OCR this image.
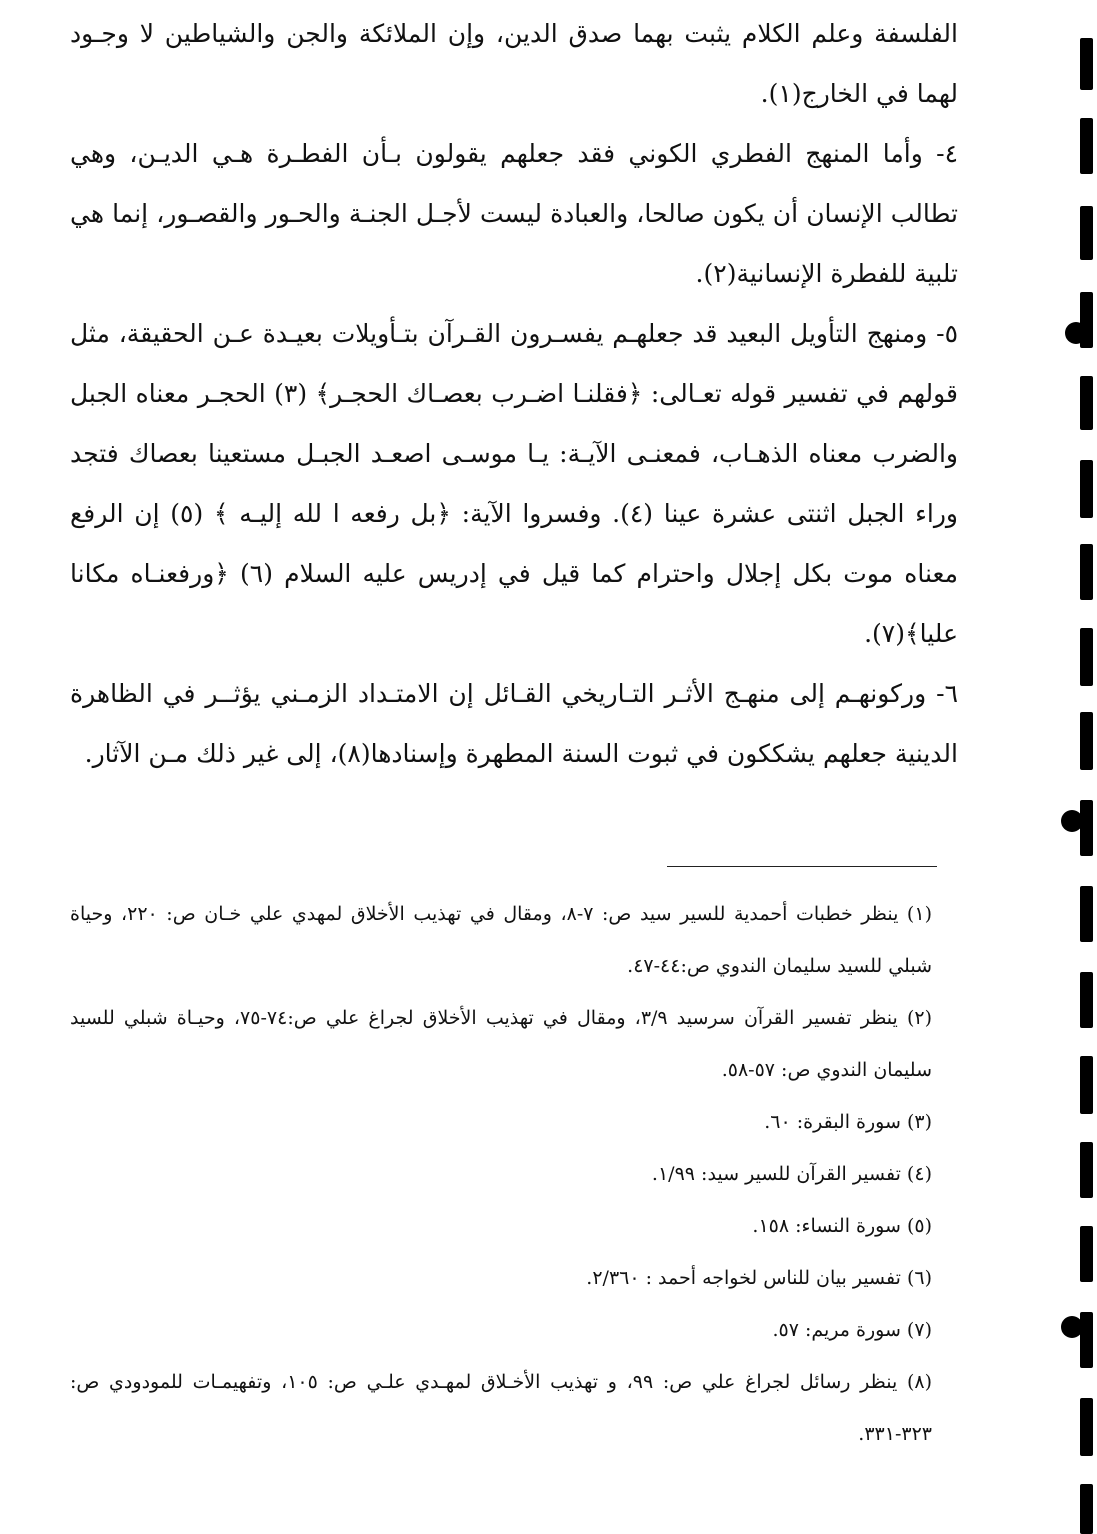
الفلسفة وعلم الكلام يثبت بهما صدق الدين، وإن الملائكة والجن والشياطين لا وجـود لهما في الخارج(١).

٤- وأما المنهج الفطري الكوني فقد جعلهم يقولون بـأن الفطـرة هـي الديـن، وهي تطالب الإنسان أن يكون صالحا، والعبادة ليست لأجـل الجنـة والحـور والقصـور، إنما هي تلبية للفطرة الإنسانية(٢).

٥- ومنهج التأويل البعيد قد جعلهـم يفسـرون القـرآن بتـأويلات بعيـدة عـن الحقيقة، مثل قولهم في تفسير قوله تعـالى: ﴿فقلنـا اضـرب بعصـاك الحجـر﴾ (٣) الحجـر معناه الجبل والضرب معناه الذهـاب، فمعنـى الآيـة: يـا موسـى اصعـد الجبـل مستعينا بعصاك فتجد وراء الجبل اثنتى عشرة عينا (٤). وفسروا الآية: ﴿بل رفعه ا لله إليـه ﴾ (٥) إن الرفع معناه موت بكل إجلال واحترام كما قيل في إدريس عليه السلام (٦) ﴿ورفعنـاه مكانا عليا﴾(٧).

٦- وركونهـم إلى منهـج الأثـر التـاريخي القـائل إن الامتـداد الزمـني يؤثــر في الظاهرة الدينية جعلهم يشككون في ثبوت السنة المطهرة وإسنادها(٨)، إلى غير ذلك مـن الآثار.

(١) ينظر خطبات أحمدية للسير سيد ص: ٧-٨، ومقال في تهذيب الأخلاق لمهدي علي خـان ص: ٢٢٠، وحياة شبلي للسيد سليمان الندوي ص:٤٤-٤٧.

(٢) ينظر تفسير القرآن سرسيد ٣/٩، ومقال في تهذيب الأخلاق لجراغ علي ص:٧٤-٧٥، وحيـاة شبلي للسيد سليمان الندوي ص: ٥٧-٥٨.

(٣) سورة البقرة: ٦٠.

(٤) تفسير القرآن للسير سيد: ١/٩٩.

(٥) سورة النساء: ١٥٨.

(٦) تفسير بيان للناس لخواجه أحمد : ٢/٣٦٠.

(٧) سورة مريم: ٥٧.

(٨) ينظر رسائل لجراغ علي ص: ٩٩، و تهذيب الأخـلاق لمهـدي علـي ص: ١٠٥، وتفهيمـات للمودودي ص: ٣٢٣-٣٣١.
